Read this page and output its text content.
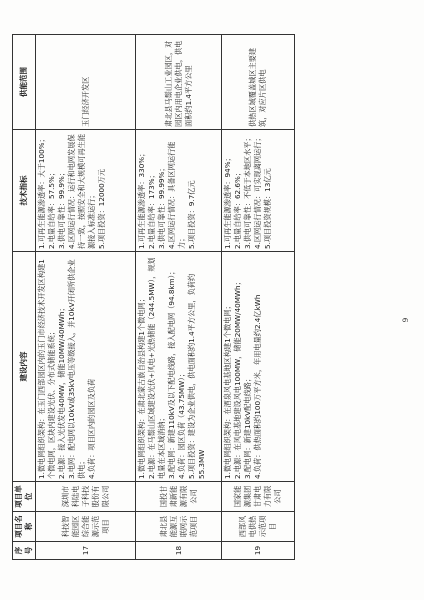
序号	项目名称	项目单位	建设内容	技术指标	供能范围
17	科技智能园区综合能源示范项目	深圳市科陆电子科技股份有限公司	1.微电网组织架构：在玉门西部园区内的玉门市经济技术开发区构建1个微电网，区块内建设光伏、分布式储能系统； 2.电源：接入光伏发电40MW，储能10MW/40MWh； 3.电网：配电网以10kV或35kV电压等级接入，并10kV开闭所供企业供电； 4.负荷：项目区内的园区及负荷	1.可再生能源渗透率：大于100%； 2.电量自给率：57.5%； 3.供电可靠性：99.9%； 4.区网运行情况：运行和电网发展保持一致，按照安全和大规模可再生能源接入标准运行； 5.项目投资：12000万元	玉门经济开发区
18	肃北县能源互联网示范项目	国投甘肃新能源有限公司	1.微电网组织架构：在肃北蒙古族自治县构建1个微电网； 2.电源：在马鬃山区域建设光伏+风电+光热储能（244.5MW），规划电量在本区域消纳； 3.配电网：新建110kV及以下配电线路，接入配电网（94.8km）； 4.负荷：园区负荷（43.75MW）； 5.项目投资：建设为企业供电，供电面积约1.4平方公里，负荷约55.3MW	1.可再生能源渗透率：330%； 2.电量自给率：173%； 3.供电可靠性：99.99%； 4.区网运行情况：具备区网运行能力； 5.项目投资：9.7亿元	肃北县马鬃山工业园区，对园区内用电企业供电，供电面积约1.4平方公里
19	西部风电供热示范项目	国家能源集团甘肃电力有限公司	1.微电网组织架构：在酒泉风电基地区构建1个微电网； 2.电源：在风电基地建设风电100MW，储能20MW/40MWh； 3.配电网：新建10kV配电线路； 4.负荷：供热面积约100万平方米，年用电量约2.4亿kWh	1.可再生能源渗透率：94%； 2.电量自给率：62.6%； 3.供电可靠性：不低于本地区水平； 4.区网运行情况：可实现离网运行； 5.项目投资规模：13亿元	供热区域覆盖城区主要建筑，对应片区供电
9
